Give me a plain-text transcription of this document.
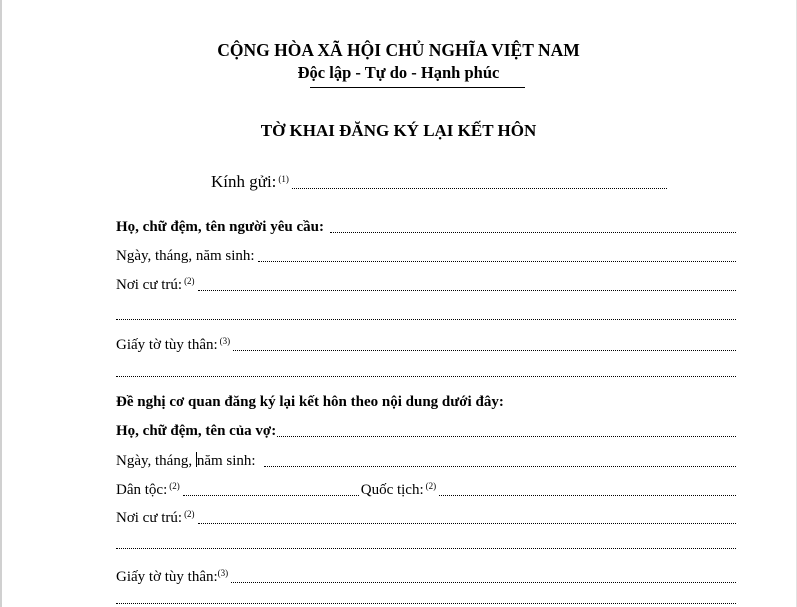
CỘNG HÒA XÃ HỘI CHỦ NGHĨA VIỆT NAM
Độc lập - Tự do - Hạnh phúc
TỜ KHAI ĐĂNG KÝ LẠI KẾT HÔN
Kính gửi: $^{(1)}$
Họ, chữ đệm, tên người yêu cầu:
Ngày, tháng, năm sinh:
Nơi cư trú: $^{(2)}$
Giấy tờ tùy thân: $^{(3)}$
Đề nghị cơ quan đăng ký lại kết hôn theo nội dung dưới đây:
Họ, chữ đệm, tên của vợ:
Ngày, tháng, năm sinh:
Dân tộc: $^{(2)}$	Quốc tịch: $^{(2)}$
Nơi cư trú: $^{(2)}$
Giấy tờ tùy thân:$^{(3)}$
